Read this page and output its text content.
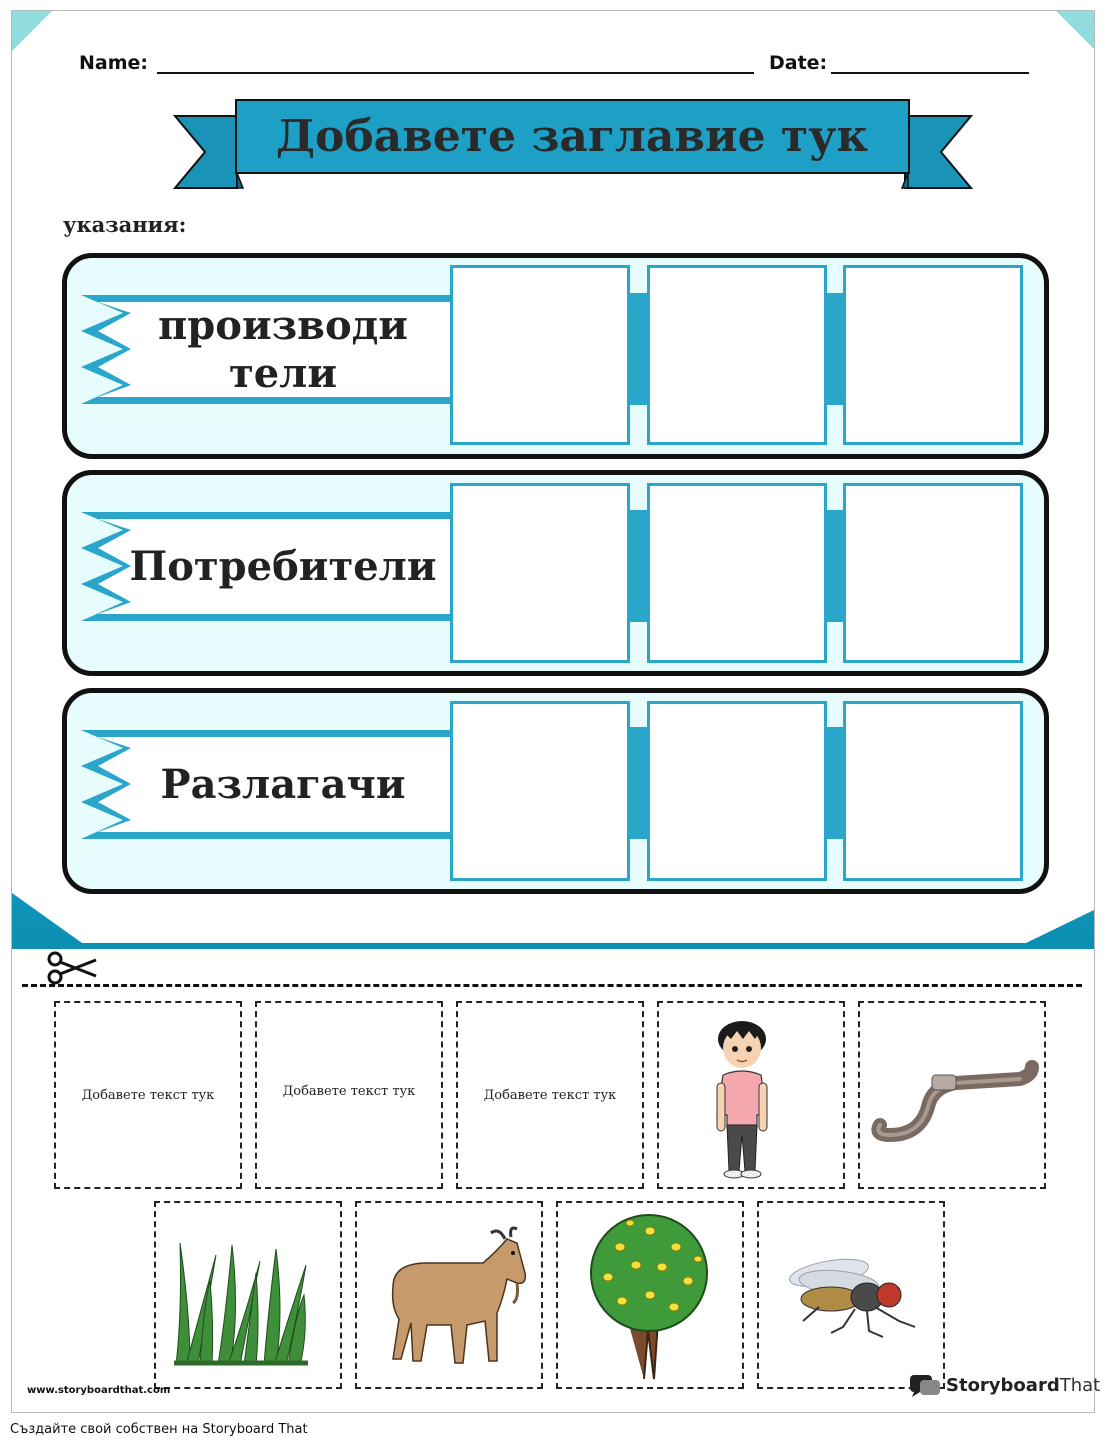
Name:	Date:
Добавете заглавие тук
указания:
производи
тели
Потребители
Разлагачи
Добавете текст тук	Добавете текст тук	Добавете текст тук
www.storyboardthat.com	StoryboardThat
Създайте свой собствен на Storyboard That
